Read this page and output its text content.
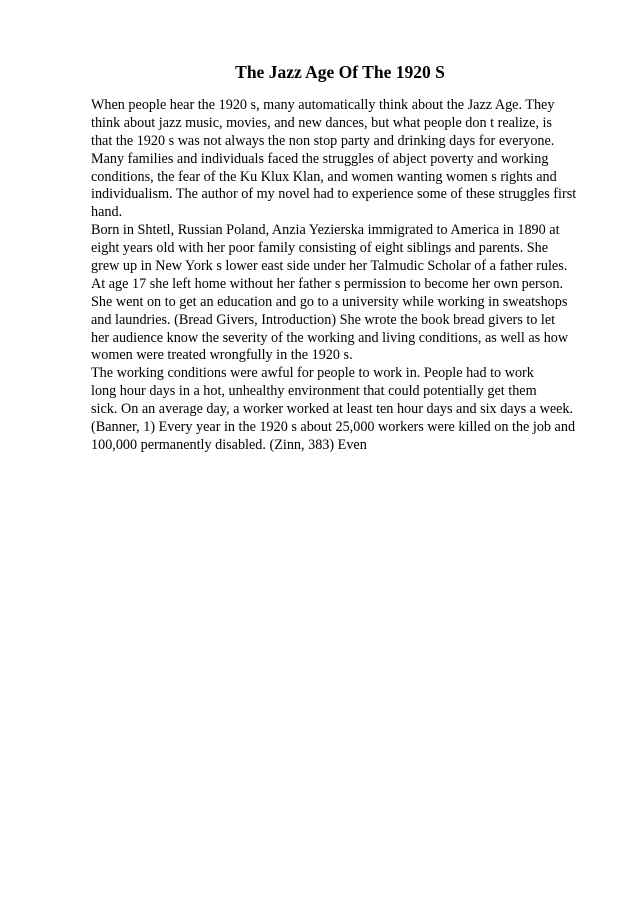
The Jazz Age Of The 1920 S
When people hear the 1920 s, many automatically think about the Jazz Age. They
think about jazz music, movies, and new dances, but what people don t realize, is
that the 1920 s was not always the non stop party and drinking days for everyone.
Many families and individuals faced the struggles of abject poverty and working
conditions, the fear of the Ku Klux Klan, and women wanting women s rights and
individualism. The author of my novel had to experience some of these struggles first
hand.
Born in Shtetl, Russian Poland, Anzia Yezierska immigrated to America in 1890 at
eight years old with her poor family consisting of eight siblings and parents. She
grew up in New York s lower east side under her Talmudic Scholar of a father rules.
At age 17 she left home without her father s permission to become her own person.
She went on to get an education and go to a university while working in sweatshops
and laundries. (Bread Givers, Introduction) She wrote the book bread givers to let
her audience know the severity of the working and living conditions, as well as how
women were treated wrongfully in the 1920 s.
The working conditions were awful for people to work in. People had to work
long hour days in a hot, unhealthy environment that could potentially get them
sick. On an average day, a worker worked at least ten hour days and six days a week.
(Banner, 1) Every year in the 1920 s about 25,000 workers were killed on the job and
100,000 permanently disabled. (Zinn, 383) Even
